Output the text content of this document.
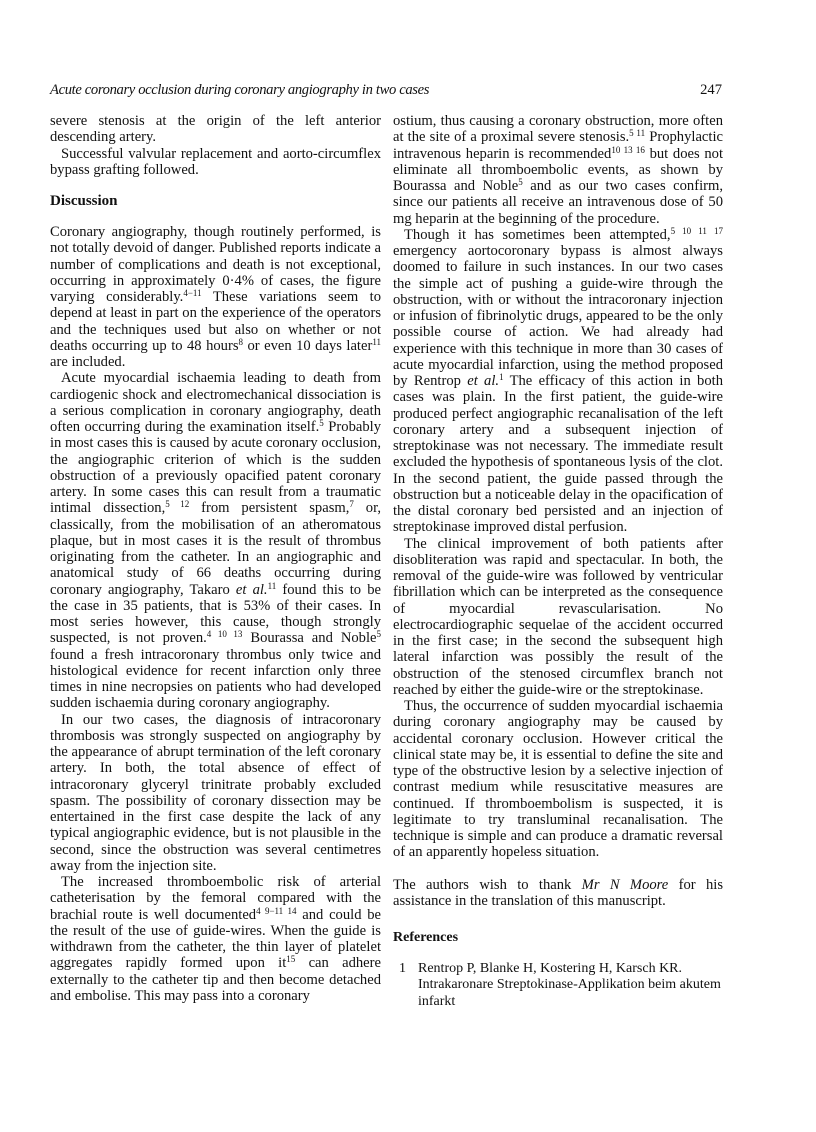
Acute coronary occlusion during coronary angiography in two cases	247

severe stenosis at the origin of the left anterior descending artery.

Successful valvular replacement and aorto-circumflex bypass grafting followed.

Discussion

Coronary angiography, though routinely performed, is not totally devoid of danger. Published reports indicate a number of complications and death is not exceptional, occurring in approximately 0·4% of cases, the figure varying considerably.$^{4-11}$ These variations seem to depend at least in part on the experience of the operators and the techniques used but also on whether or not deaths occurring up to 48 hours$^8$ or even 10 days later$^{11}$ are included.

Acute myocardial ischaemia leading to death from cardiogenic shock and electromechanical dissociation is a serious complication in coronary angiography, death often occurring during the examination itself.$^5$ Probably in most cases this is caused by acute coronary occlusion, the angiographic criterion of which is the sudden obstruction of a previously opacified patent coronary artery. In some cases this can result from a traumatic intimal dissection,$^{5 12}$ from persistent spasm,$^7$ or, classically, from the mobilisation of an atheromatous plaque, but in most cases it is the result of thrombus originating from the catheter. In an angiographic and anatomical study of 66 deaths occurring during coronary angiography, Takaro et al.$^{11}$ found this to be the case in 35 patients, that is 53% of their cases. In most series however, this cause, though strongly suspected, is not proven.$^{4 10 13}$ Bourassa and Noble$^5$ found a fresh intracoronary thrombus only twice and histological evidence for recent infarction only three times in nine necropsies on patients who had developed sudden ischaemia during coronary angiography.

In our two cases, the diagnosis of intracoronary thrombosis was strongly suspected on angiography by the appearance of abrupt termination of the left coronary artery. In both, the total absence of effect of intracoronary glyceryl trinitrate probably excluded spasm. The possibility of coronary dissection may be entertained in the first case despite the lack of any typical angiographic evidence, but is not plausible in the second, since the obstruction was several centimetres away from the injection site.

The increased thromboembolic risk of arterial catheterisation by the femoral compared with the brachial route is well documented$^{4 9-11 14}$ and could be the result of the use of guide-wires. When the guide is withdrawn from the catheter, the thin layer of platelet aggregates rapidly formed upon $it^{15}$ can adhere externally to the catheter tip and then become detached and embolise. This may pass into a coronary

ostium, thus causing a coronary obstruction, more often at the site of a proximal severe stenosis.$^{5 11}$ Prophylactic intravenous heparin is recommended$^{10 13 16}$ but does not eliminate all thromboembolic events, as shown by Bourassa and Noble$^5$ and as our two cases confirm, since our patients all receive an intravenous dose of 50 mg heparin at the beginning of the procedure.

Though it has sometimes been attempted,$^{5 10 11 17}$ emergency aortocoronary bypass is almost always doomed to failure in such instances. In our two cases the simple act of pushing a guide-wire through the obstruction, with or without the intracoronary injection or infusion of fibrinolytic drugs, appeared to be the only possible course of action. We had already had experience with this technique in more than 30 cases of acute myocardial infarction, using the method proposed by Rentrop et al.$^1$ The efficacy of this action in both cases was plain. In the first patient, the guide-wire produced perfect angiographic recanalisation of the left coronary artery and a subsequent injection of streptokinase was not necessary. The immediate result excluded the hypothesis of spontaneous lysis of the clot. In the second patient, the guide passed through the obstruction but a noticeable delay in the opacification of the distal coronary bed persisted and an injection of streptokinase improved distal perfusion.

The clinical improvement of both patients after disobliteration was rapid and spectacular. In both, the removal of the guide-wire was followed by ventricular fibrillation which can be interpreted as the consequence of myocardial revascularisation. No electrocardiographic sequelae of the accident occurred in the first case; in the second the subsequent high lateral infarction was possibly the result of the obstruction of the stenosed circumflex branch not reached by either the guide-wire or the streptokinase.

Thus, the occurrence of sudden myocardial ischaemia during coronary angiography may be caused by accidental coronary occlusion. However critical the clinical state may be, it is essential to define the site and type of the obstructive lesion by a selective injection of contrast medium while resuscitative measures are continued. If thromboembolism is suspected, it is legitimate to try transluminal recanalisation. The technique is simple and can produce a dramatic reversal of an apparently hopeless situation.

The authors wish to thank Mr N Moore for his assistance in the translation of this manuscript.

References
1 Rentrop P, Blanke H, Kostering H, Karsch KR. Intrakaronare Streptokinase-Applikation beim akutem infarkt
